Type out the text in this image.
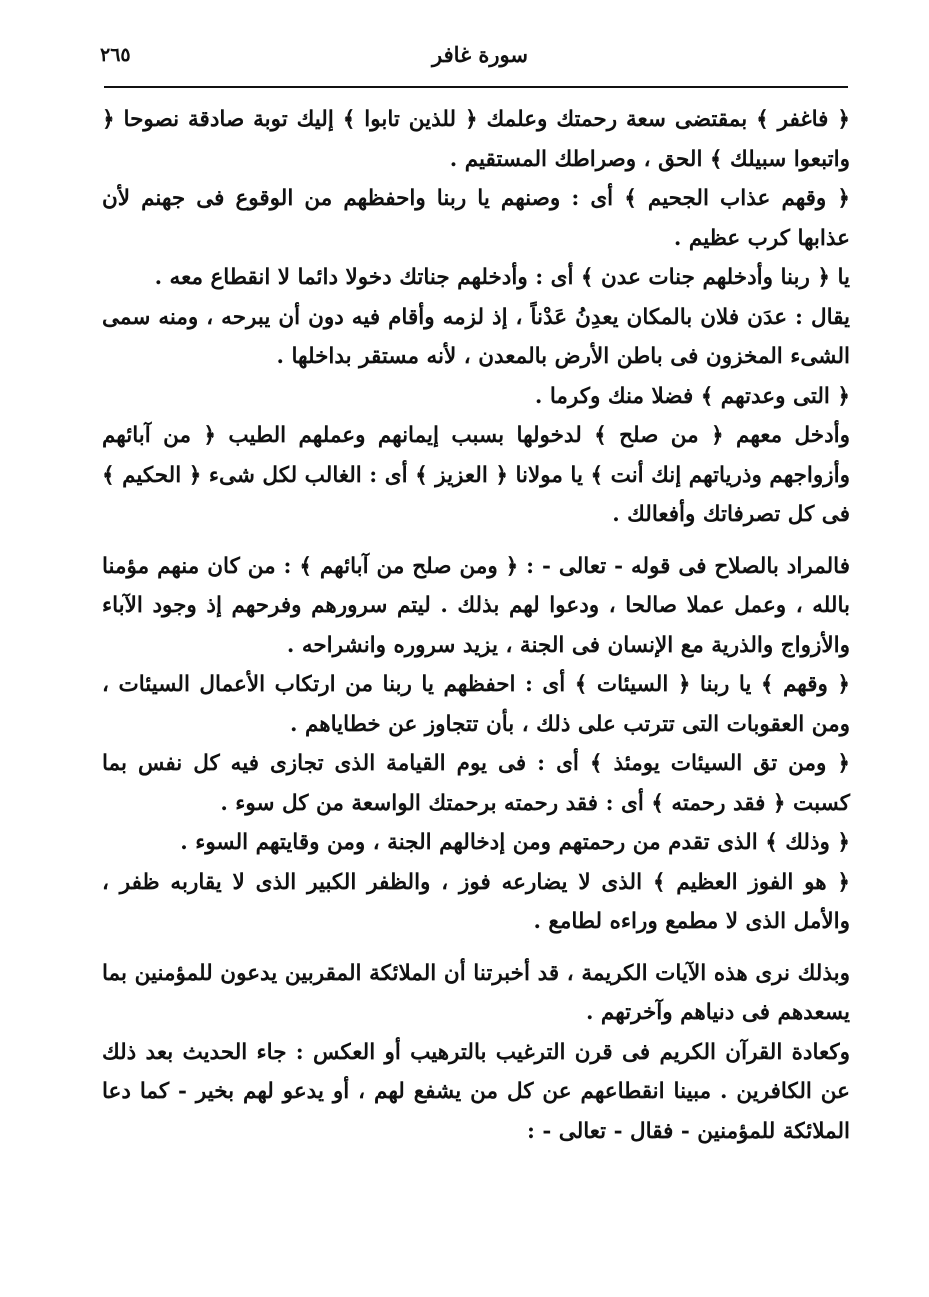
٢٦٥	سورة غافر

﴿ فاغفر ﴾ بمقتضى سعة رحمتك وعلمك ﴿ للذين تابوا ﴾ إليك توبة صادقة نصوحا ﴿ واتبعوا سبيلك ﴾ الحق ، وصراطك المستقيم .

﴿ وقهم عذاب الجحيم ﴾ أى : وصنهم يا ربنا واحفظهم من الوقوع فى جهنم لأن عذابها كرب عظيم .

يا ﴿ ربنا وأدخلهم جنات عدن ﴾ أى : وأدخلهم جناتك دخولا دائما لا انقطاع معه .

يقال : عدَن فلان بالمكان يعدِنُ عَدْناً ، إذ لزمه وأقام فيه دون أن يبرحه ، ومنه سمى الشىء المخزون فى باطن الأرض بالمعدن ، لأنه مستقر بداخلها .

﴿ التى وعدتهم ﴾ فضلا منك وكرما .

وأدخل معهم ﴿ من صلح ﴾ لدخولها بسبب إيمانهم وعملهم الطيب ﴿ من آبائهم وأزواجهم وذرياتهم إنك أنت ﴾ يا مولانا ﴿ العزيز ﴾ أى : الغالب لكل شىء ﴿ الحكيم ﴾ فى كل تصرفاتك وأفعالك .

فالمراد بالصلاح فى قوله - تعالى - : ﴿ ومن صلح من آبائهم ﴾ : من كان منهم مؤمنا بالله ، وعمل عملا صالحا ، ودعوا لهم بذلك . ليتم سرورهم وفرحهم إذ وجود الآباء والأزواج والذرية مع الإنسان فى الجنة ، يزيد سروره وانشراحه .

﴿ وقهم ﴾ يا ربنا ﴿ السيئات ﴾ أى : احفظهم يا ربنا من ارتكاب الأعمال السيئات ، ومن العقوبات التى تترتب على ذلك ، بأن تتجاوز عن خطاياهم .

﴿ ومن تق السيئات يومئذ ﴾ أى : فى يوم القيامة الذى تجازى فيه كل نفس بما كسبت ﴿ فقد رحمته ﴾ أى : فقد رحمته برحمتك الواسعة من كل سوء .

﴿ وذلك ﴾ الذى تقدم من رحمتهم ومن إدخالهم الجنة ، ومن وقايتهم السوء .

﴿ هو الفوز العظيم ﴾ الذى لا يضارعه فوز ، والظفر الكبير الذى لا يقاربه ظفر ، والأمل الذى لا مطمع وراءه لطامع .

وبذلك نرى هذه الآيات الكريمة ، قد أخبرتنا أن الملائكة المقربين يدعون للمؤمنين بما يسعدهم فى دنياهم وآخرتهم .

وكعادة القرآن الكريم فى قرن الترغيب بالترهيب أو العكس : جاء الحديث بعد ذلك عن الكافرين . مبينا انقطاعهم عن كل من يشفع لهم ، أو يدعو لهم بخير - كما دعا الملائكة للمؤمنين - فقال - تعالى - :
